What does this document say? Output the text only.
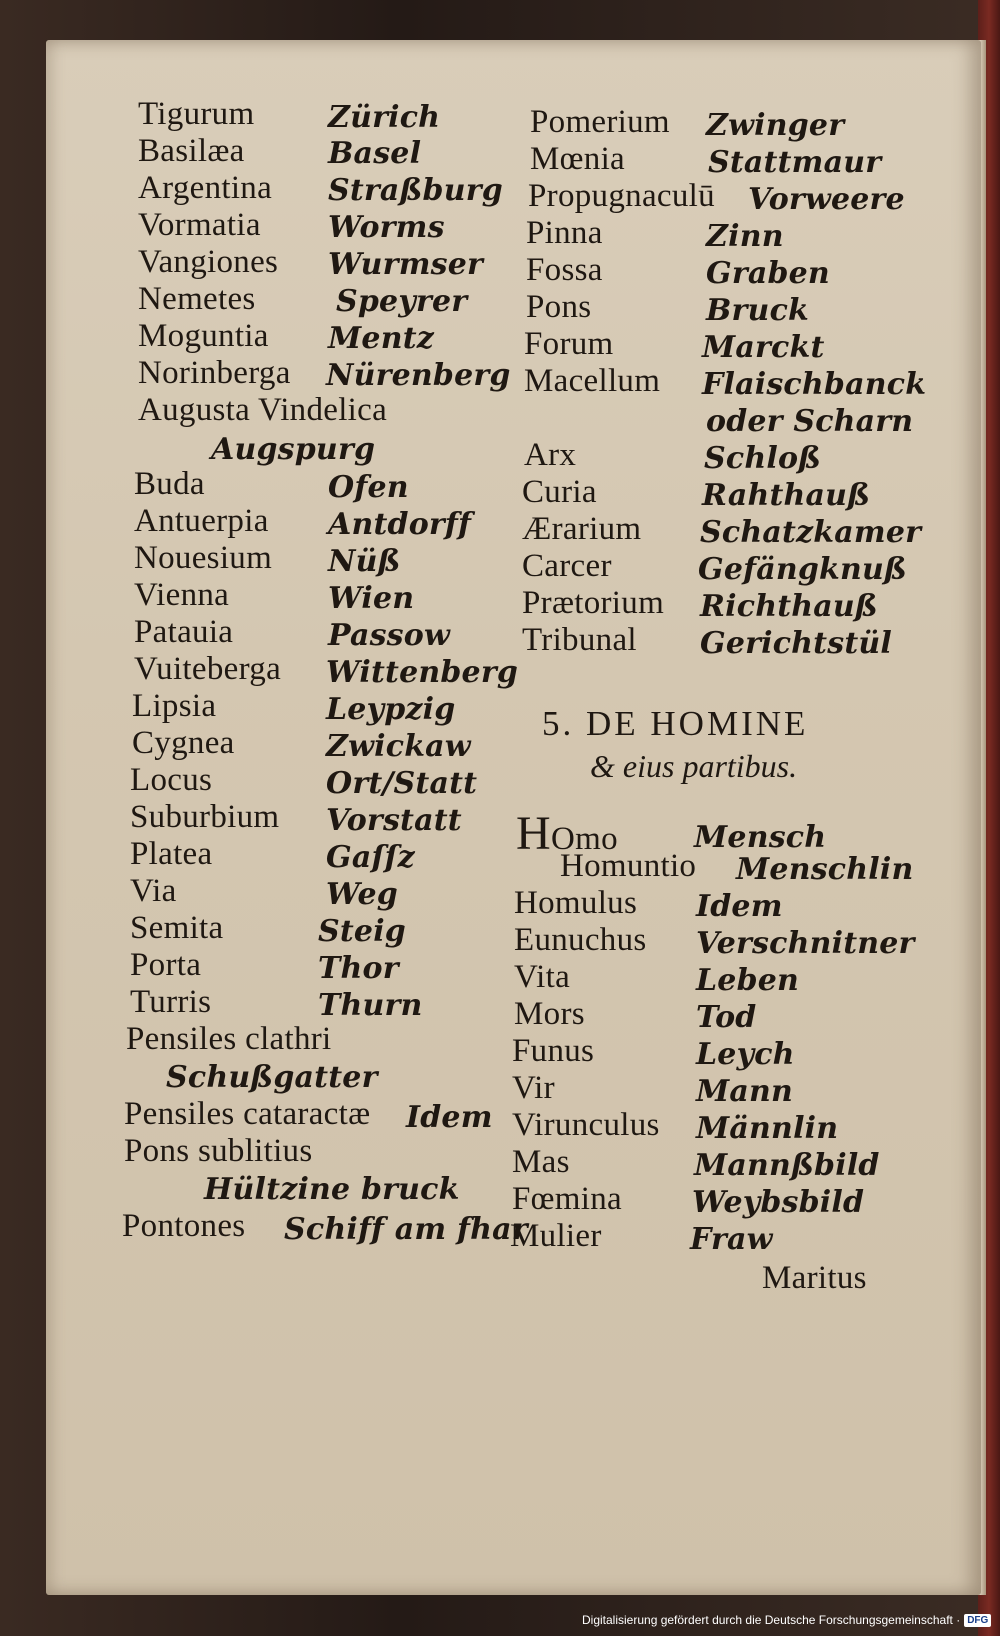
Tigurum Zürich
Basilæa	Basel
Argentina Straßburg
Vormatia Worms
Vangiones Wurmser
Nemetes	Speyrer
Moguntia Mentz
Norinberga Nürenberg
Augusta Vindelica
Augspurg
Buda	Ofen
Antuerpia Antdorff
Nouesium Nüß
Vienna	Wien
Patauia	Passow
Vuiteberga Wittenberg
Lipsia	Leypzig
Cygnea	Zwickaw
Locus	Ort/Statt
Suburbium Vorstatt
Platea	Gaſſz
Via	Weg
Semita	Steig
Porta	Thor
Turris	Thurn
Pensiles clathri
Schußgatter
Pensiles cataractæ Idem
Pons sublitius
Hültzine bruck
Pontones Schiff am fhar
Pomerium Zwinger
Mœnia	Stattmaur
Propugnaculū Vorweere
Pinna	Zinn
Fossa	Graben
Pons	Bruck
Forum	Marckt
Macellum Flaischbanck
oder Scharn
Arx	Schloß
Curia	Rahthauß
Ærarium Schatzkamer
Carcer	Gefängknuß
Prætorium Richthauß
Tribunal Gerichtstül
5. DE HOMINE
& eius partibus.
HOmo	Mensch
Homuntio Menschlin
Homulus Idem
Eunuchus Verschnitner
Vita	Leben
Mors	Tod
Funus	Leych
Vir	Mann
Virunculus Männlin
Mas	Mannßbild
Fœmina Weybsbild
Mulier	Fraw
Maritus
Digitalisierung gefördert durch die Deutsche Forschungsgemeinschaft · DFG
